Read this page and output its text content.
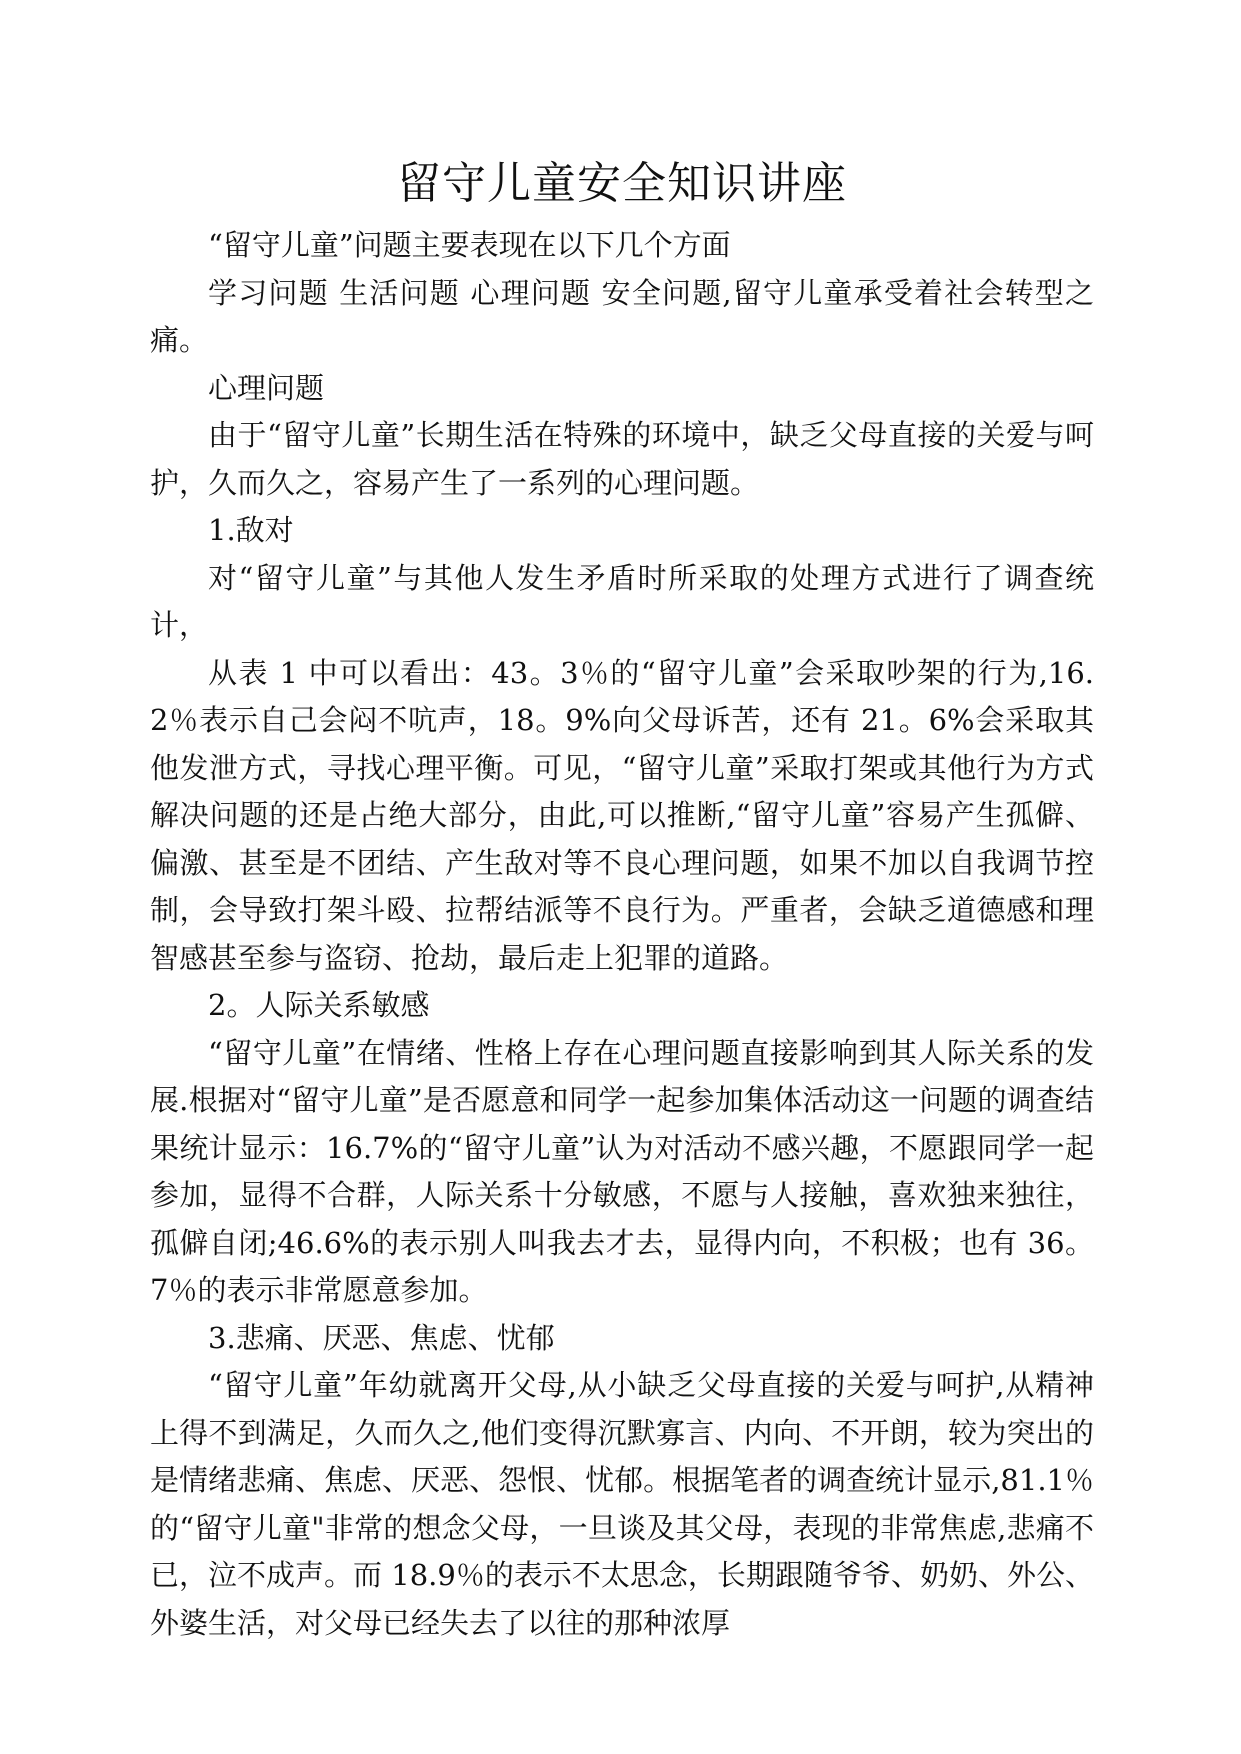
留守儿童安全知识讲座

“留守儿童”问题主要表现在以下几个方面

学习问题 生活问题 心理问题 安全问题,留守儿童承受着社会转型之痛。

心理问题

由于“留守儿童”长期生活在特殊的环境中，缺乏父母直接的关爱与呵护，久而久之，容易产生了一系列的心理问题。

1.敌对

对“留守儿童”与其他人发生矛盾时所采取的处理方式进行了调查统计，

从表 1 中可以看出：43。3％的“留守儿童”会采取吵架的行为,16.2％表示自己会闷不吭声，18。9%向父母诉苦，还有 21。6%会采取其他发泄方式，寻找心理平衡。可见，“留守儿童”采取打架或其他行为方式解决问题的还是占绝大部分，由此,可以推断,“留守儿童”容易产生孤僻、偏激、甚至是不团结、产生敌对等不良心理问题，如果不加以自我调节控制，会导致打架斗殴、拉帮结派等不良行为。严重者，会缺乏道德感和理智感甚至参与盗窃、抢劫，最后走上犯罪的道路。

2。人际关系敏感

“留守儿童”在情绪、性格上存在心理问题直接影响到其人际关系的发展.根据对“留守儿童”是否愿意和同学一起参加集体活动这一问题的调查结果统计显示：16.7%的“留守儿童”认为对活动不感兴趣，不愿跟同学一起参加，显得不合群，人际关系十分敏感，不愿与人接触，喜欢独来独往，孤僻自闭;46.6%的表示别人叫我去才去，显得内向，不积极；也有 36。7％的表示非常愿意参加。

3.悲痛、厌恶、焦虑、忧郁

“留守儿童”年幼就离开父母,从小缺乏父母直接的关爱与呵护,从精神上得不到满足，久而久之,他们变得沉默寡言、内向、不开朗，较为突出的是情绪悲痛、焦虑、厌恶、怨恨、忧郁。根据笔者的调查统计显示,81.1％的“留守儿童"非常的想念父母，一旦谈及其父母，表现的非常焦虑,悲痛不已，泣不成声。而 18.9％的表示不太思念，长期跟随爷爷、奶奶、外公、外婆生活，对父母已经失去了以往的那种浓厚
